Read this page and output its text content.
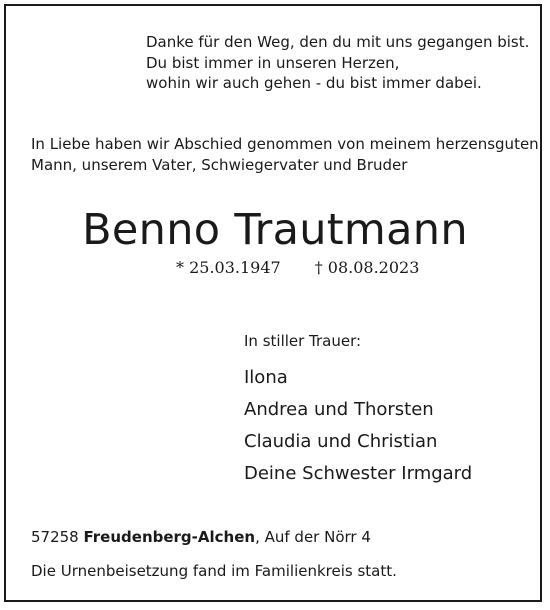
Danke für den Weg, den du mit uns gegangen bist.
Du bist immer in unseren Herzen,
wohin wir auch gehen - du bist immer dabei.
In Liebe haben wir Abschied genommen von meinem herzensguten
Mann, unserem Vater, Schwiegervater und Bruder
Benno Trautmann
* 25.03.1947 † 08.08.2023
In stiller Trauer:
Ilona
Andrea und Thorsten
Claudia und Christian
Deine Schwester Irmgard
57258 Freudenberg-Alchen, Auf der Nörr 4
Die Urnenbeisetzung fand im Familienkreis statt.
